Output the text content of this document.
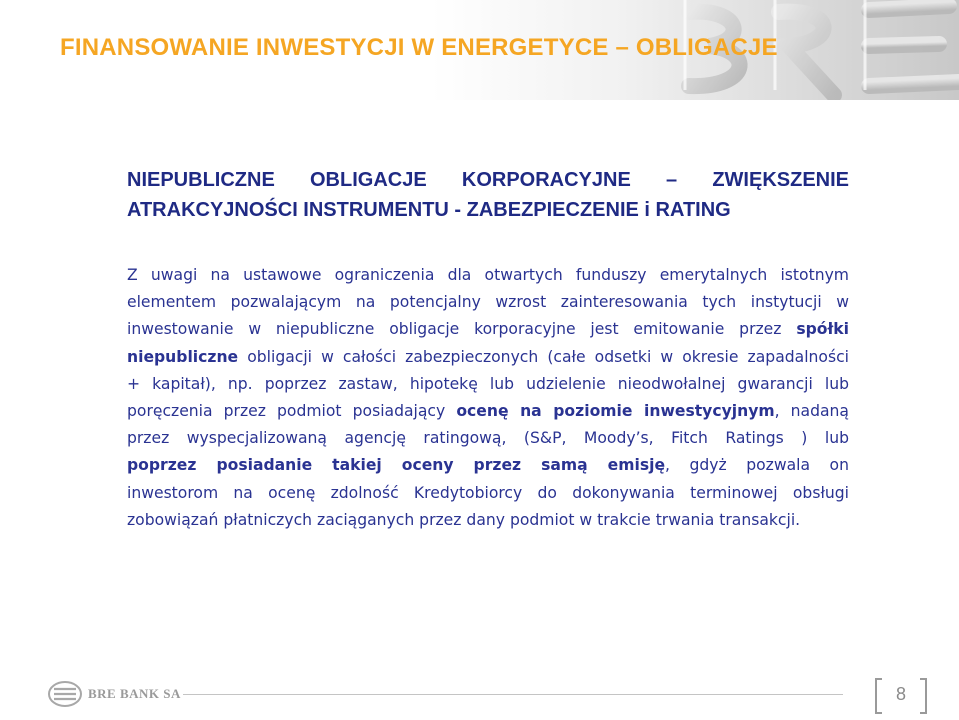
FINANSOWANIE INWESTYCJI W ENERGETYCE – OBLIGACJE
NIEPUBLICZNE OBLIGACJE KORPORACYJNE – ZWIĘKSZENIE
ATRAKCYJNOŚCI INSTRUMENTU - ZABEZPIECZENIE i RATING
Z uwagi na ustawowe ograniczenia dla otwartych funduszy emerytalnych istotnym
elementem pozwalającym na potencjalny wzrost zainteresowania tych instytucji w
inwestowanie w niepubliczne obligacje korporacyjne jest emitowanie przez spółki
niepubliczne obligacji w całości zabezpieczonych (całe odsetki w okresie zapadalności
+ kapitał), np. poprzez zastaw, hipotekę lub udzielenie nieodwołalnej gwarancji lub
poręczenia przez podmiot posiadający ocenę na poziomie inwestycyjnym, nadaną
przez wyspecjalizowaną agencję ratingową, (S&P, Moody’s, Fitch Ratings ) lub
poprzez posiadanie takiej oceny przez samą emisję, gdyż pozwala on
inwestorom na ocenę zdolność Kredytobiorcy do dokonywania terminowej obsługi
zobowiązań płatniczych zaciąganych przez dany podmiot w trakcie trwania transakcji.
BRE BANK SA	8
